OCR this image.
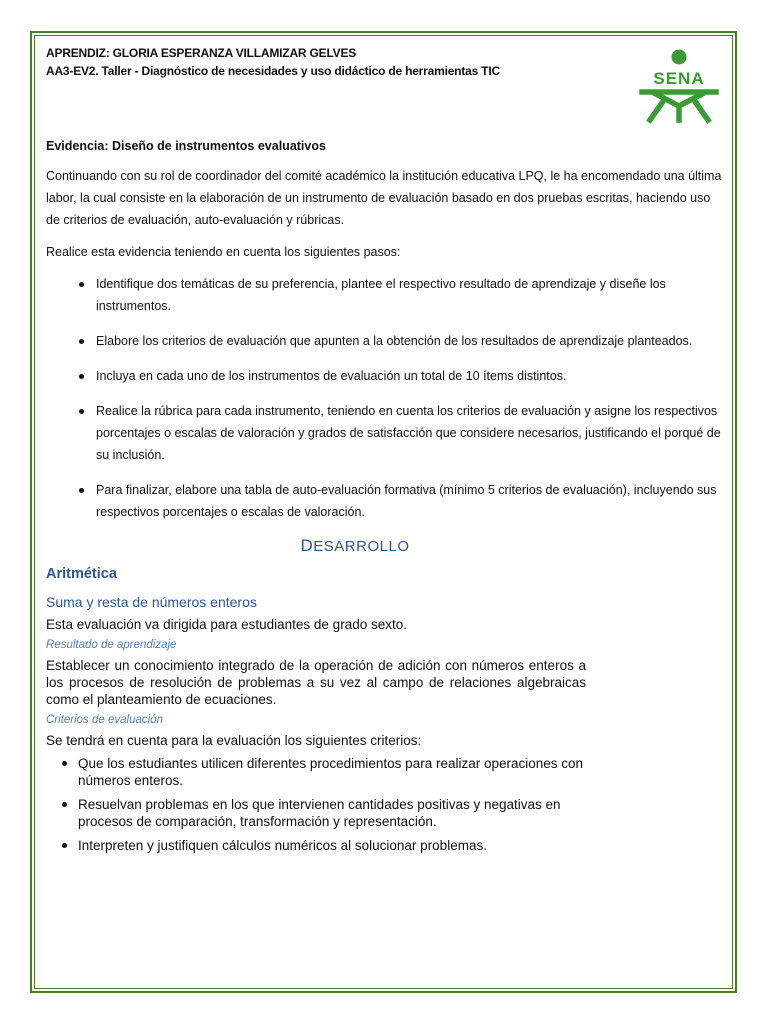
APRENDIZ: GLORIA ESPERANZA VILLAMIZAR GELVES
AA3-EV2. Taller - Diagnóstico de necesidades y uso didáctico de herramientas TIC	SENA
Evidencia: Diseño de instrumentos evaluativos
Continuando con su rol de coordinador del comité académico la institución educativa LPQ, le ha encomendado una última labor, la cual consiste en la elaboración de un instrumento de evaluación basado en dos pruebas escritas, haciendo uso de criterios de evaluación, auto-evaluación y rúbricas.
Realice esta evidencia teniendo en cuenta los siguientes pasos:
Identifique dos temáticas de su preferencia, plantee el respectivo resultado de aprendizaje y diseñe los instrumentos.
Elabore los criterios de evaluación que apunten a la obtención de los resultados de aprendizaje planteados.
Incluya en cada uno de los instrumentos de evaluación un total de 10 ítems distintos.
Realice la rúbrica para cada instrumento, teniendo en cuenta los criterios de evaluación y asigne los respectivos porcentajes o escalas de valoración y grados de satisfacción que considere necesarios, justificando el porqué de su inclusión.
Para finalizar, elabore una tabla de auto-evaluación formativa (mínimo 5 criterios de evaluación), incluyendo sus respectivos porcentajes o escalas de valoración.
DESARROLLO
Aritmética
Suma y resta de números enteros
Esta evaluación va dirigida para estudiantes de grado sexto.
Resultado de aprendizaje
Establecer un conocimiento integrado de la operación de adición con números enteros a los procesos de resolución de problemas a su vez al campo de relaciones algebraicas como el planteamiento de ecuaciones.
Criterios de evaluación
Se tendrá en cuenta para la evaluación los siguientes criterios:
Que los estudiantes utilicen diferentes procedimientos para realizar operaciones con números enteros.
Resuelvan problemas en los que intervienen cantidades positivas y negativas en procesos de comparación, transformación y representación.
Interpreten y justifiquen cálculos numéricos al solucionar problemas.
